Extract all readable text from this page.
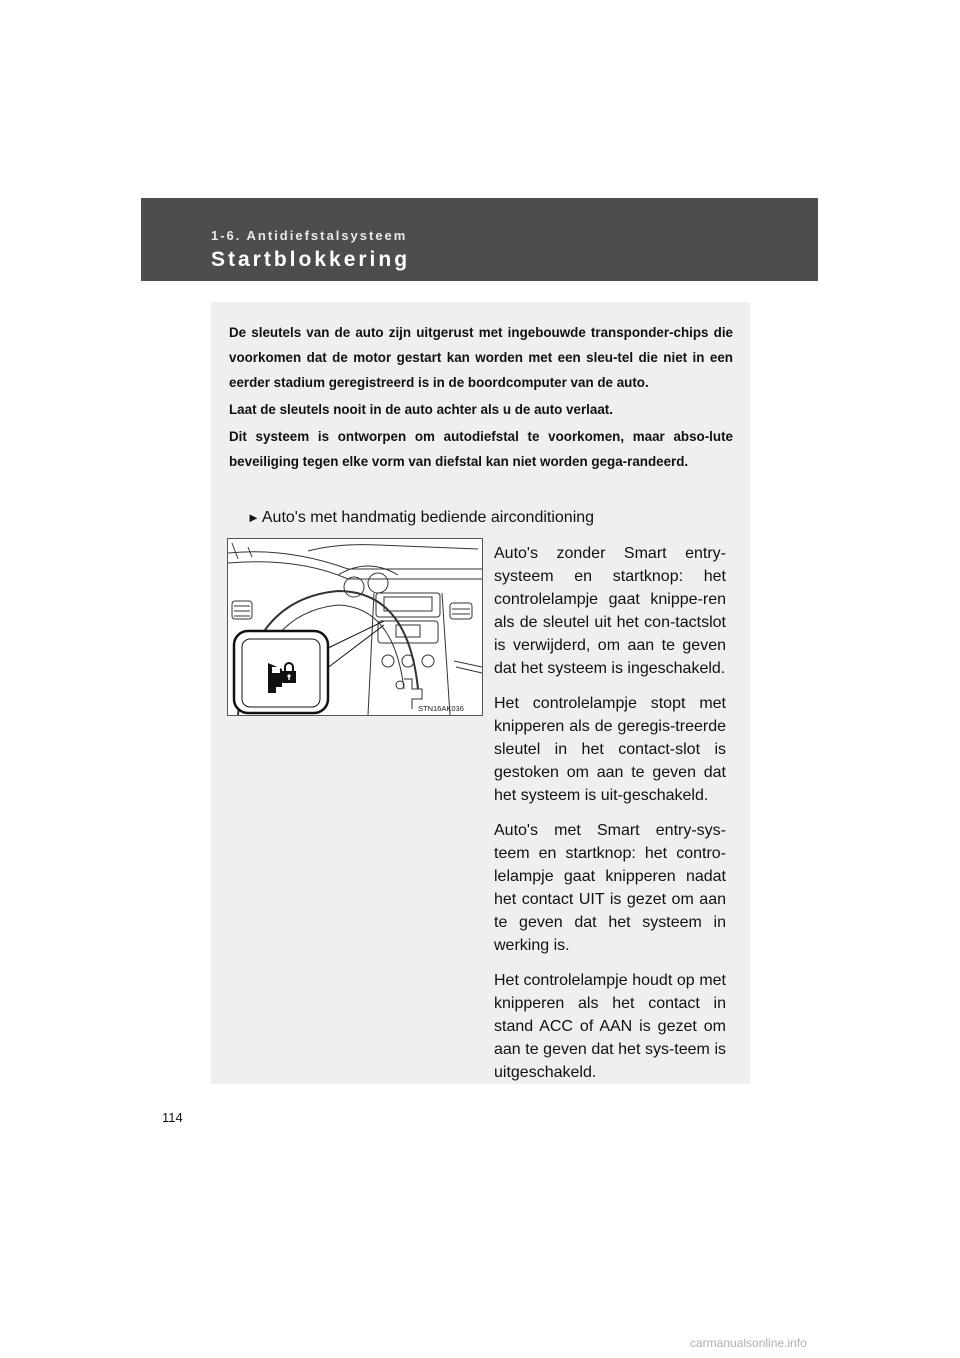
1-6. Antidiefstalsysteem
Startblokkering

De sleutels van de auto zijn uitgerust met ingebouwde transponder-chips die voorkomen dat de motor gestart kan worden met een sleu-tel die niet in een eerder stadium geregistreerd is in de boordcomputer van de auto.

Laat de sleutels nooit in de auto achter als u de auto verlaat.

Dit systeem is ontworpen om autodiefstal te voorkomen, maar abso-lute beveiliging tegen elke vorm van diefstal kan niet worden gega-randeerd.

► Auto's met handmatig bediende airconditioning
STN16AK036

Auto's zonder Smart entry-systeem en startknop: het controlelampje gaat knippe-ren als de sleutel uit het con-tactslot is verwijderd, om aan te geven dat het systeem is ingeschakeld.

Het controlelampje stopt met knipperen als de geregis-treerde sleutel in het contact-slot is gestoken om aan te geven dat het systeem is uit-geschakeld.

Auto's met Smart entry-sys-teem en startknop: het contro-lelampje gaat knipperen nadat het contact UIT is gezet om aan te geven dat het systeem in werking is.

Het controlelampje houdt op met knipperen als het contact in stand ACC of AAN is gezet om aan te geven dat het sys-teem is uitgeschakeld.

114
carmanualsonline.info
